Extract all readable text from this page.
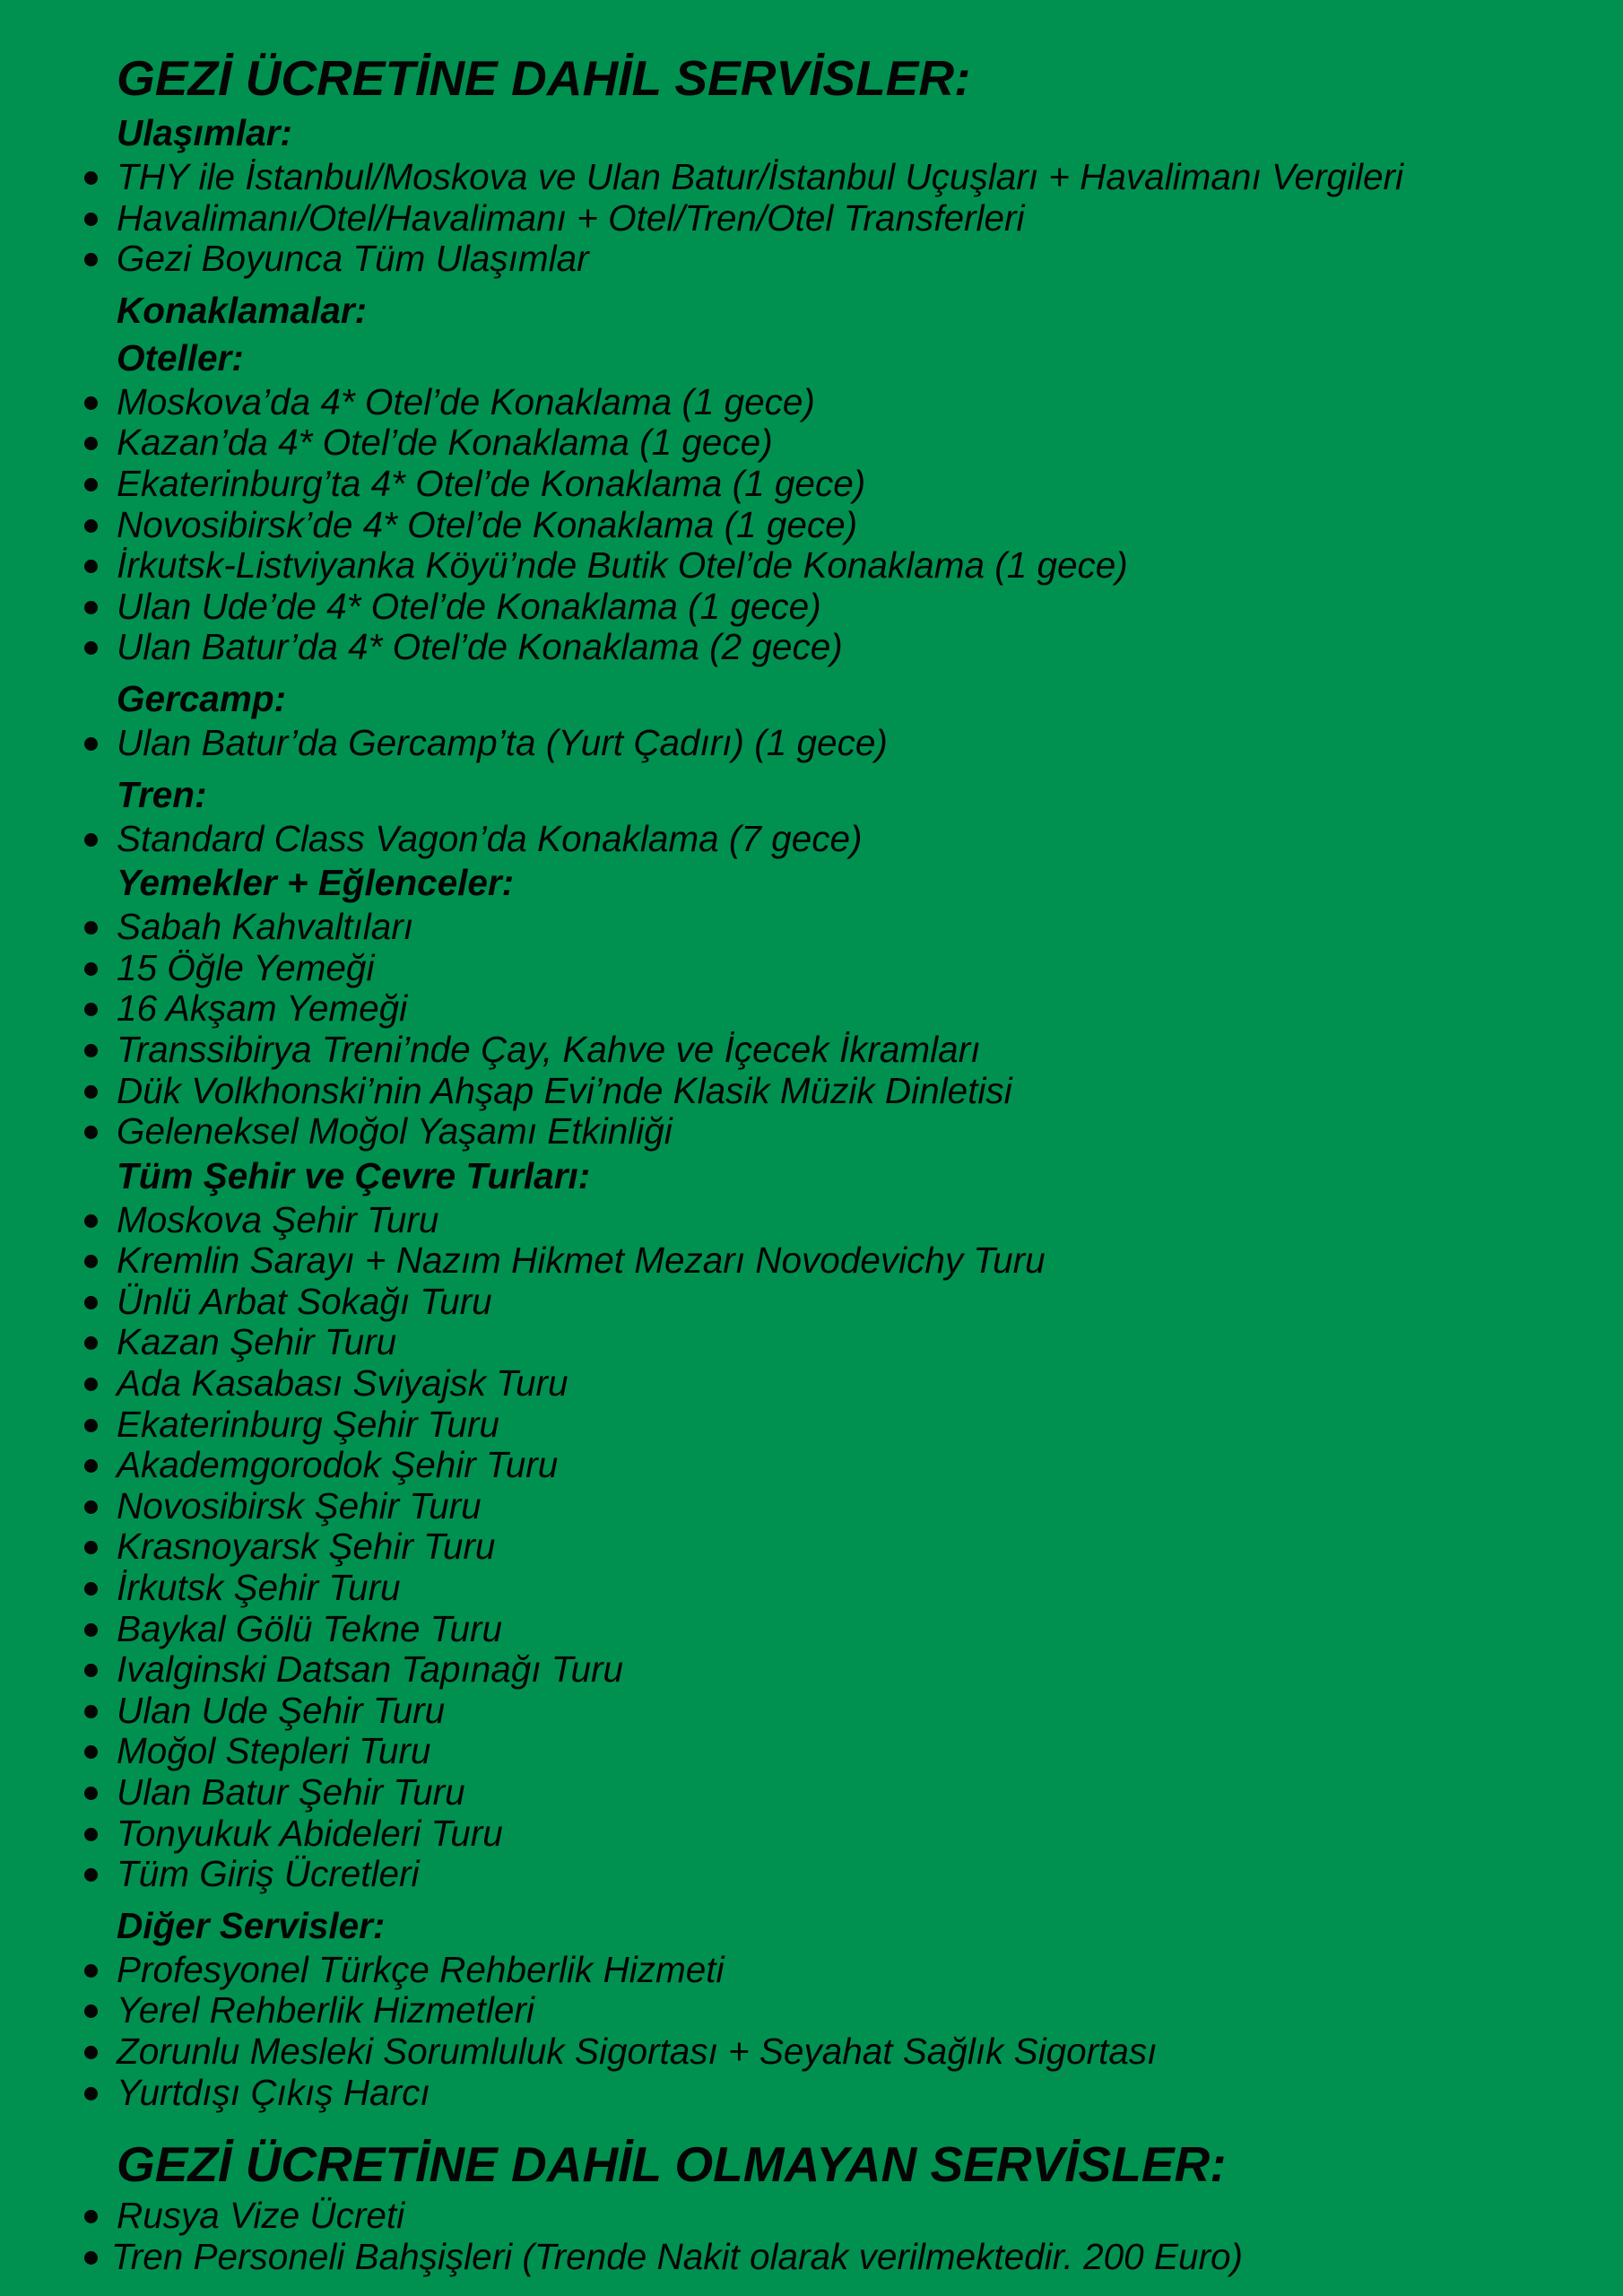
GEZİ ÜCRETİNE DAHİL SERVİSLER:
Ulaşımlar:
THY ile İstanbul/Moskova ve Ulan Batur/İstanbul Uçuşları + Havalimanı Vergileri
Havalimanı/Otel/Havalimanı + Otel/Tren/Otel Transferleri
Gezi Boyunca Tüm Ulaşımlar
Konaklamalar:
Oteller:
Moskova’da 4* Otel’de Konaklama (1 gece)
Kazan’da 4* Otel’de Konaklama (1 gece)
Ekaterinburg’ta 4* Otel’de Konaklama (1 gece)
Novosibirsk’de 4* Otel’de Konaklama (1 gece)
İrkutsk-Listviyanka Köyü’nde Butik Otel’de Konaklama (1 gece)
Ulan Ude’de 4* Otel’de Konaklama (1 gece)
Ulan Batur’da 4* Otel’de Konaklama (2 gece)
Gercamp:
Ulan Batur’da Gercamp’ta (Yurt Çadırı) (1 gece)
Tren:
Standard Class Vagon’da Konaklama (7 gece)
Yemekler + Eğlenceler:
Sabah Kahvaltıları
15 Öğle Yemeği
16 Akşam Yemeği
Transsibirya Treni’nde Çay, Kahve ve İçecek İkramları
Dük Volkhonski’nin Ahşap Evi’nde Klasik Müzik Dinletisi
Geleneksel Moğol Yaşamı Etkinliği
Tüm Şehir ve Çevre Turları:
Moskova Şehir Turu
Kremlin Sarayı + Nazım Hikmet Mezarı Novodevichy Turu
Ünlü Arbat Sokağı Turu
Kazan Şehir Turu
Ada Kasabası Sviyajsk Turu
Ekaterinburg Şehir Turu
Akademgorodok Şehir Turu
Novosibirsk Şehir Turu
Krasnoyarsk Şehir Turu
İrkutsk Şehir Turu
Baykal Gölü Tekne Turu
Ivalginski Datsan Tapınağı Turu
Ulan Ude Şehir Turu
Moğol Stepleri Turu
Ulan Batur Şehir Turu
Tonyukuk Abideleri Turu
Tüm Giriş Ücretleri
Diğer Servisler:
Profesyonel Türkçe Rehberlik Hizmeti
Yerel Rehberlik Hizmetleri
Zorunlu Mesleki Sorumluluk Sigortası + Seyahat Sağlık Sigortası
Yurtdışı Çıkış Harcı
GEZİ ÜCRETİNE DAHİL OLMAYAN SERVİSLER:
Rusya Vize Ücreti
Tren Personeli Bahşişleri (Trende Nakit olarak verilmektedir. 200 Euro)
